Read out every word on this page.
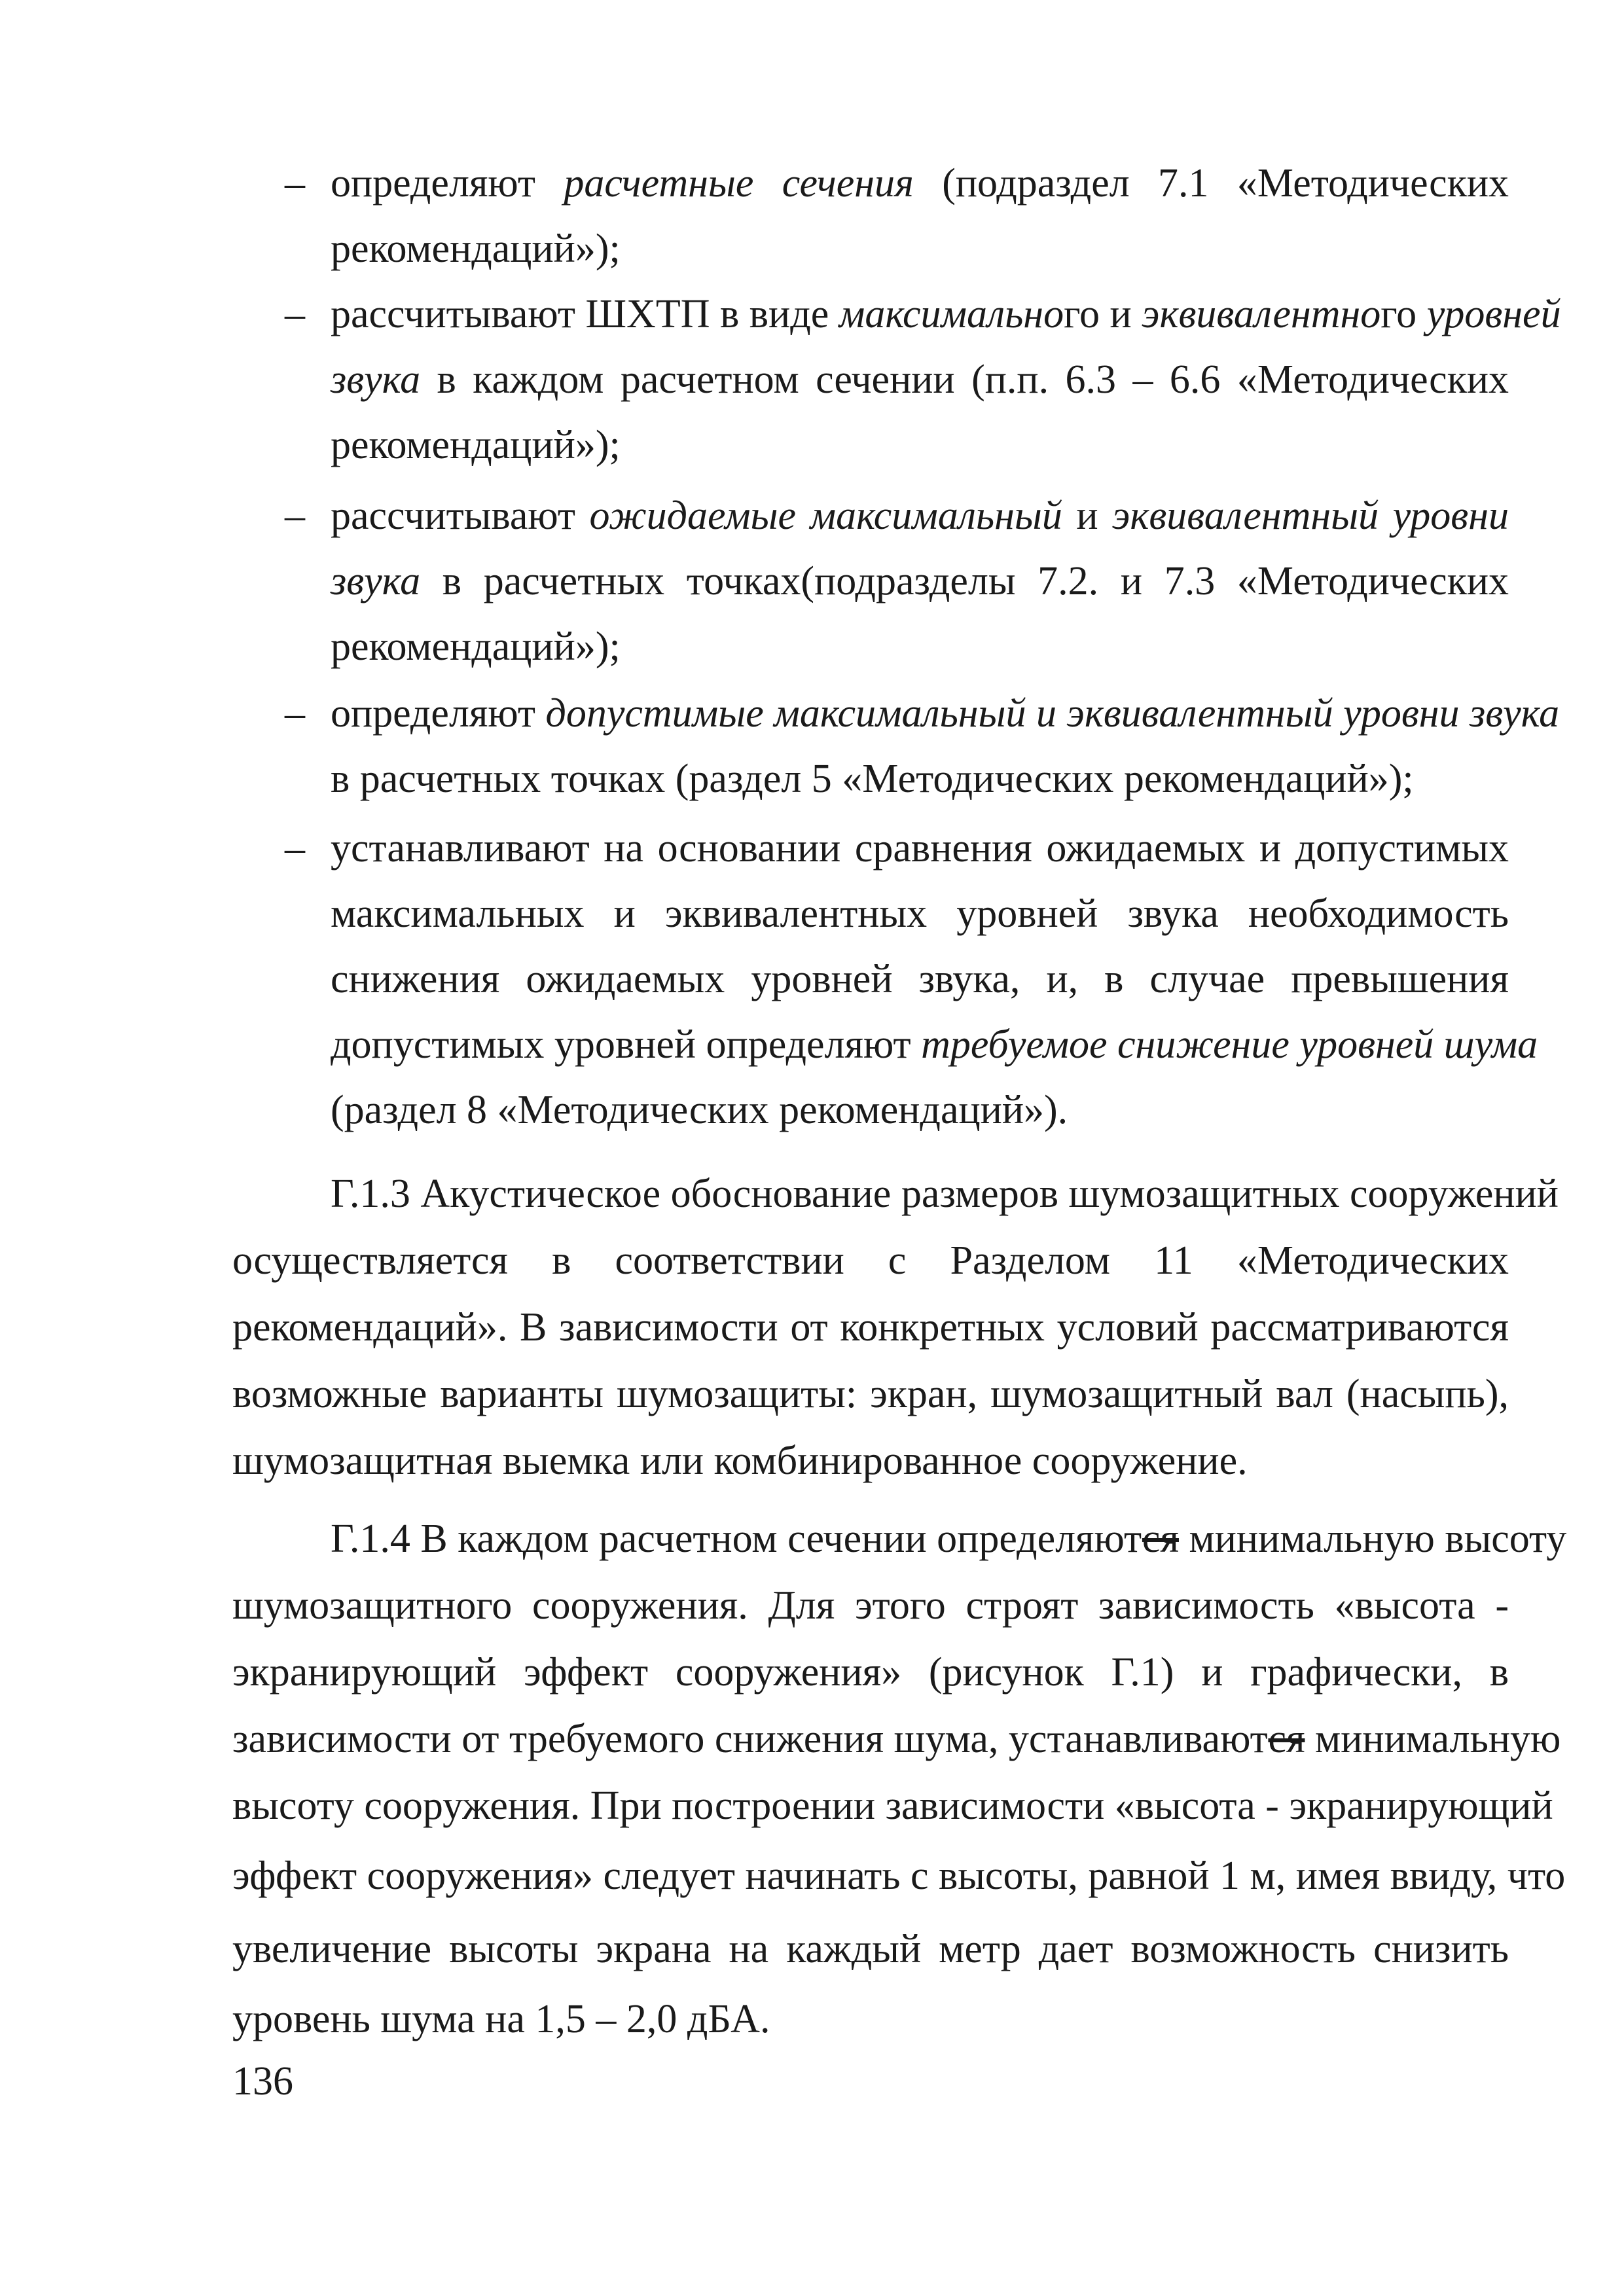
– определяют расчетные сечения (подраздел 7.1 «Методических
рекомендаций»);
– рассчитывают ШХТП в виде максимального и эквивалентного уровней
звука в каждом расчетном сечении (п.п. 6.3 – 6.6 «Методических
рекомендаций»);
– рассчитывают ожидаемые максимальный и эквивалентный уровни
звука в расчетных точках(подразделы 7.2. и 7.3 «Методических
рекомендаций»);
– определяют допустимые максимальный и эквивалентный уровни звука
в расчетных точках (раздел 5 «Методических рекомендаций»);
– устанавливают на основании сравнения ожидаемых и допустимых
максимальных и эквивалентных уровней звука необходимость
снижения ожидаемых уровней звука, и, в случае превышения
допустимых уровней определяют требуемое снижение уровней шума
(раздел 8 «Методических рекомендаций»).
Г.1.3 Акустическое обоснование размеров шумозащитных сооружений
осуществляется в соответствии с Разделом 11 «Методических
рекомендаций». В зависимости от конкретных условий рассматриваются
возможные варианты шумозащиты: экран, шумозащитный вал (насыпь),
шумозащитная выемка или комбинированное сооружение.
Г.1.4 В каждом расчетном сечении определяются минимальную высоту
шумозащитного сооружения. Для этого строят зависимость «высота -
экранирующий эффект сооружения» (рисунок Г.1) и графически, в
зависимости от требуемого снижения шума, устанавливаются минимальную
высоту сооружения. При построении зависимости «высота - экранирующий
эффект сооружения» следует начинать с высоты, равной 1 м, имея ввиду, что
увеличение высоты экрана на каждый метр дает возможность снизить
уровень шума на 1,5 – 2,0 дБА.
136
